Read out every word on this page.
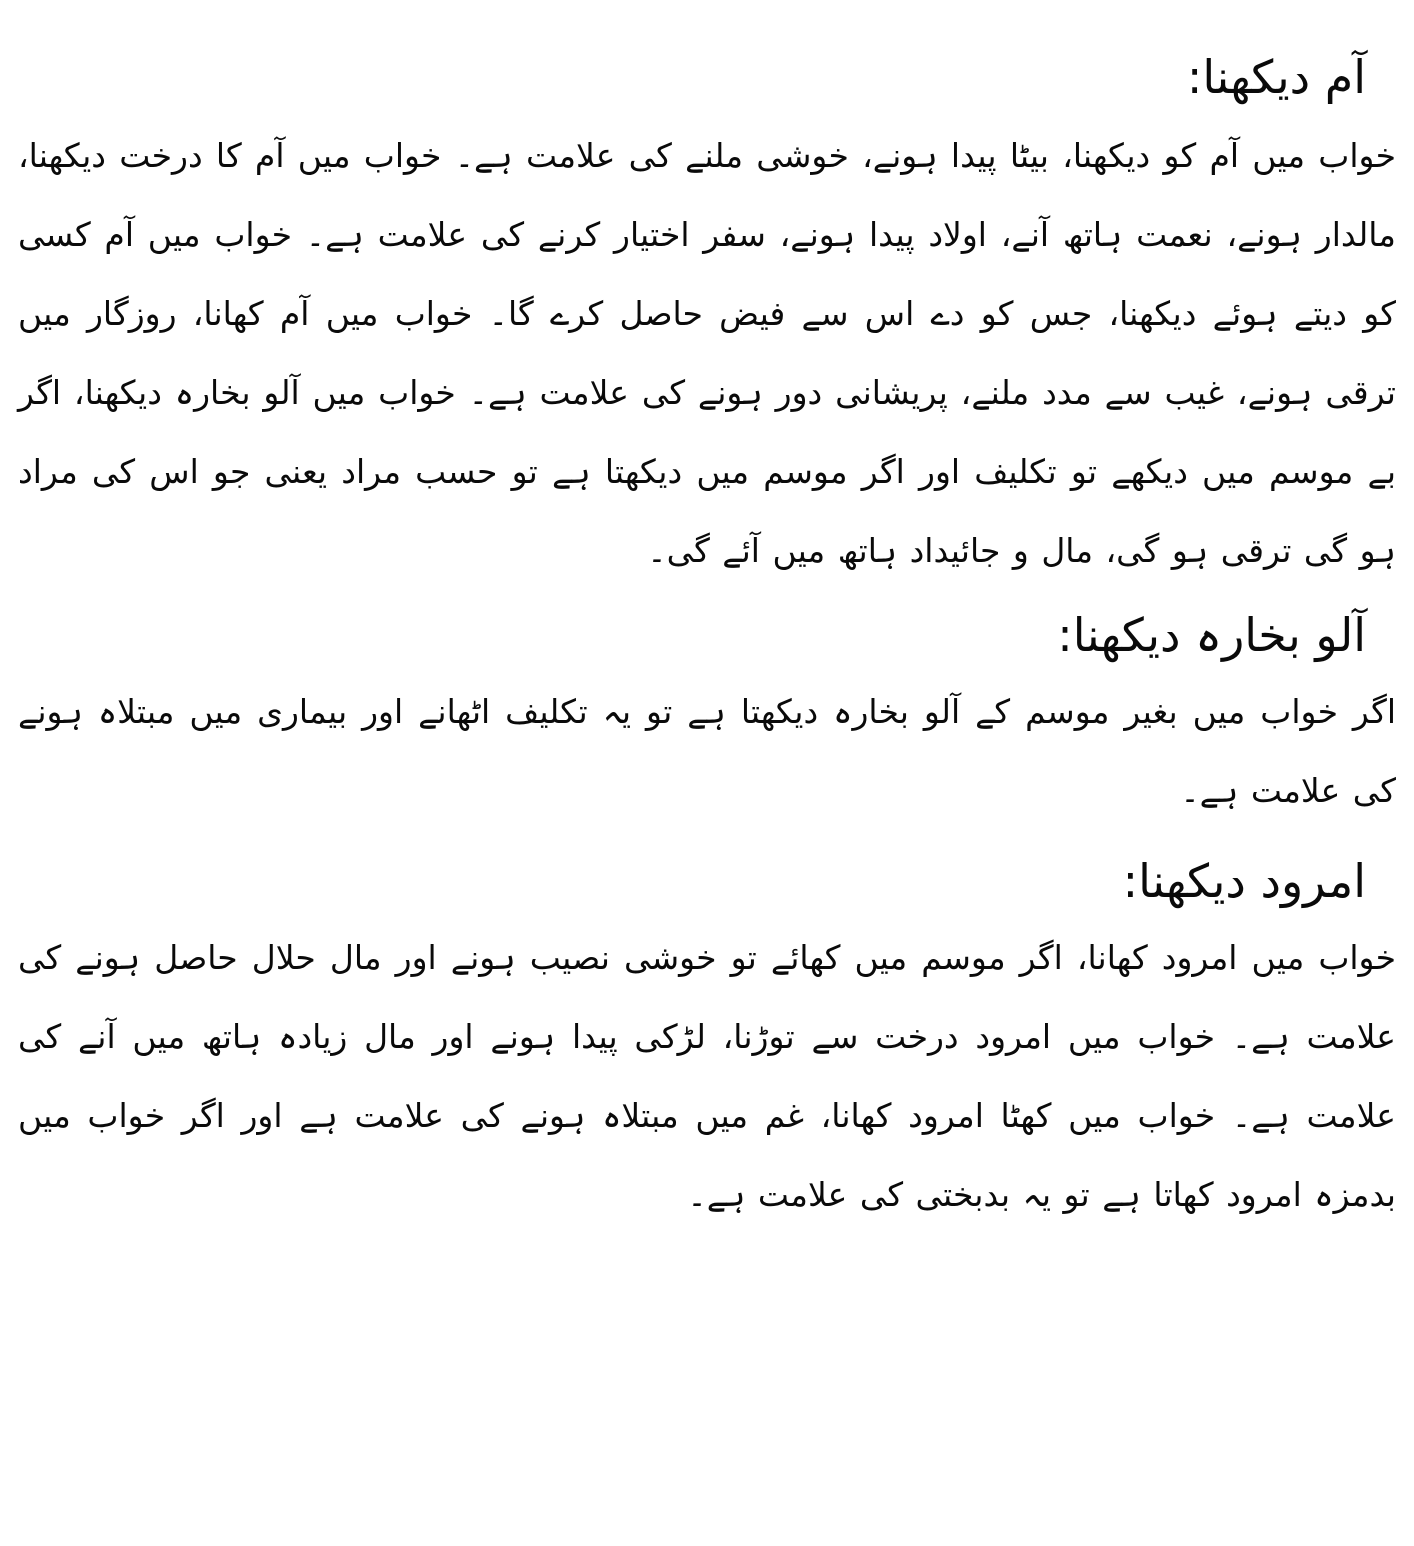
آم دیکھنا:

خواب میں آم کو دیکھنا، بیٹا پیدا ہونے، خوشی ملنے کی علامت ہے۔ خواب میں آم کا درخت دیکھنا، مالدار ہونے، نعمت ہاتھ آنے، اولاد پیدا ہونے، سفر اختیار کرنے کی علامت ہے۔ خواب میں آم کسی کو دیتے ہوئے دیکھنا، جس کو دے اس سے فیض حاصل کرے گا۔ خواب میں آم کھانا، روزگار میں ترقی ہونے، غیب سے مدد ملنے، پریشانی دور ہونے کی علامت ہے۔ خواب میں آلو بخارہ دیکھنا، اگر بے موسم میں دیکھے تو تکلیف اور اگر موسم میں دیکھتا ہے تو حسب مراد یعنی جو اس کی مراد ہو گی ترقی ہو گی، مال و جائیداد ہاتھ میں آئے گی۔

آلو بخارہ دیکھنا:

اگر خواب میں بغیر موسم کے آلو بخارہ دیکھتا ہے تو یہ تکلیف اٹھانے اور بیماری میں مبتلاہ ہونے کی علامت ہے۔

امرود دیکھنا:

خواب میں امرود کھانا، اگر موسم میں کھائے تو خوشی نصیب ہونے اور مال حلال حاصل ہونے کی علامت ہے۔ خواب میں امرود درخت سے توڑنا، لڑکی پیدا ہونے اور مال زیادہ ہاتھ میں آنے کی علامت ہے۔ خواب میں کھٹا امرود کھانا، غم میں مبتلاہ ہونے کی علامت ہے اور اگر خواب میں بدمزہ امرود کھاتا ہے تو یہ بدبختی کی علامت ہے۔
